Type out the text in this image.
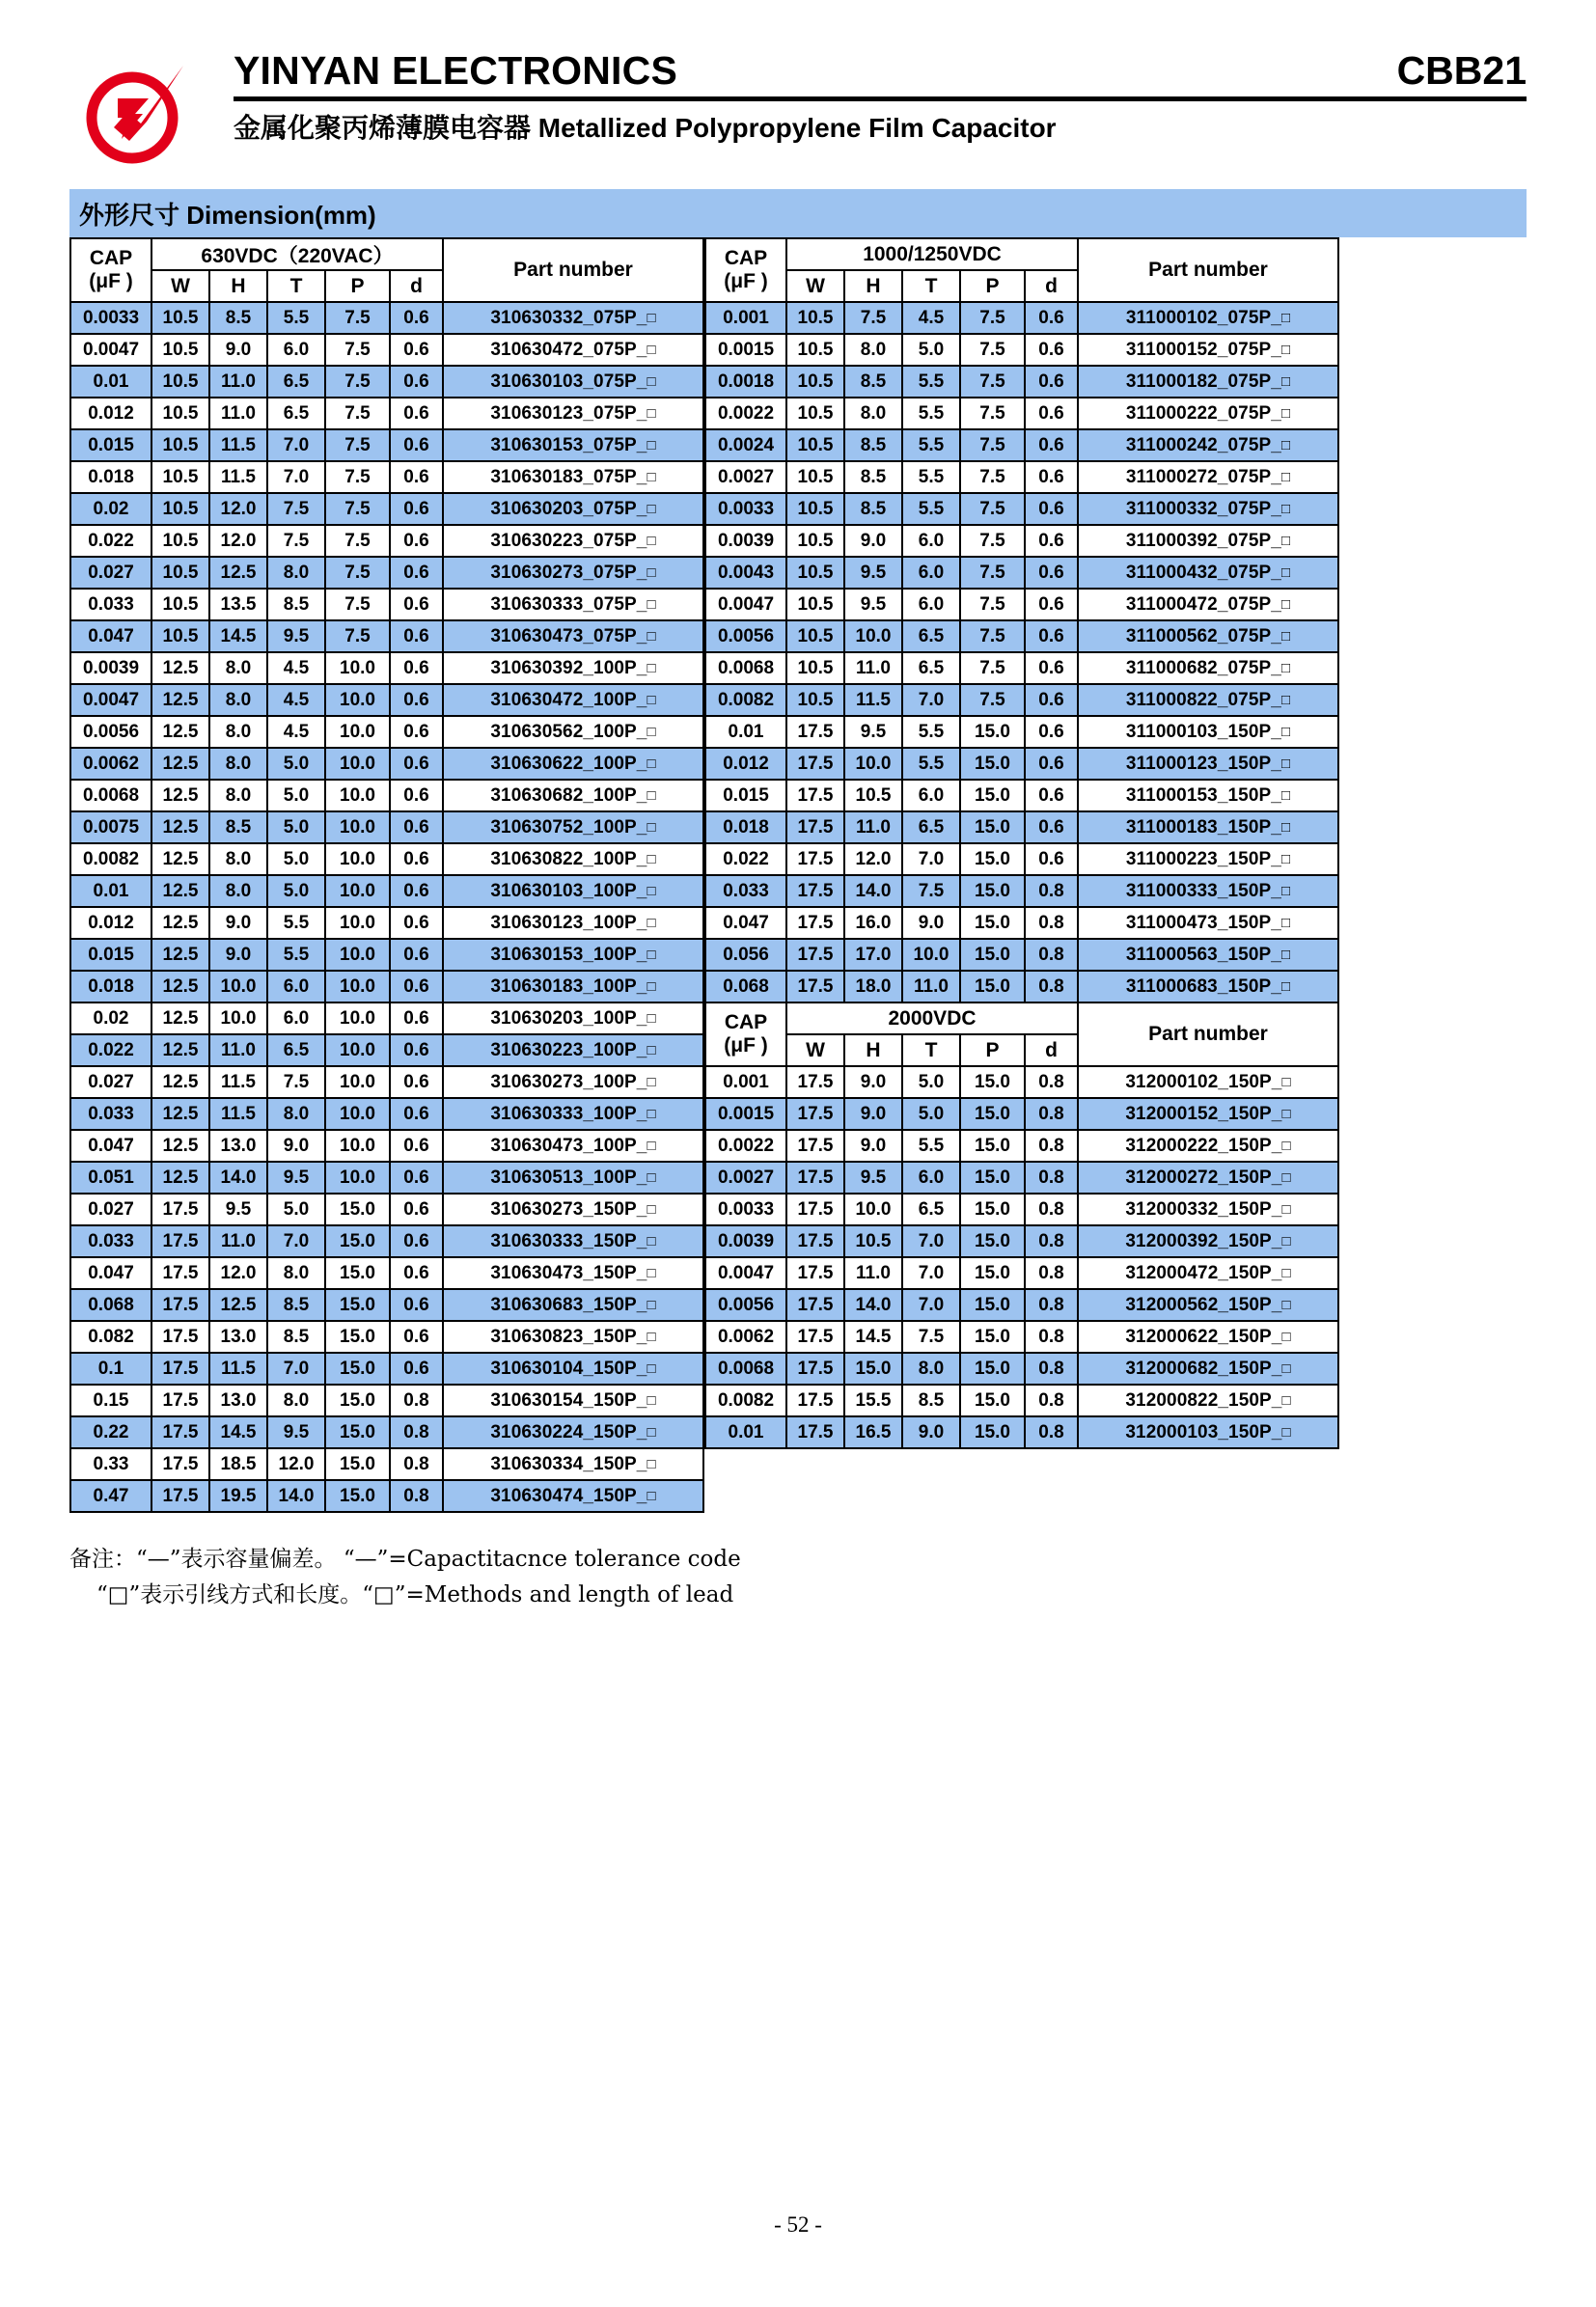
YINYAN ELECTRONICS	CBB21
金属化聚丙烯薄膜电容器 Metallized Polypropylene Film Capacitor
外形尺寸 Dimension(mm)
CAP
(μF )	630VDC（220VAC）					Part number
	W	H	T	P	d	
0.0033	10.5	8.5	5.5	7.5	0.6	310630332_075P_□
0.0047	10.5	9.0	6.0	7.5	0.6	310630472_075P_□
0.01	10.5	11.0	6.5	7.5	0.6	310630103_075P_□
0.012	10.5	11.0	6.5	7.5	0.6	310630123_075P_□
0.015	10.5	11.5	7.0	7.5	0.6	310630153_075P_□
0.018	10.5	11.5	7.0	7.5	0.6	310630183_075P_□
0.02	10.5	12.0	7.5	7.5	0.6	310630203_075P_□
0.022	10.5	12.0	7.5	7.5	0.6	310630223_075P_□
0.027	10.5	12.5	8.0	7.5	0.6	310630273_075P_□
0.033	10.5	13.5	8.5	7.5	0.6	310630333_075P_□
0.047	10.5	14.5	9.5	7.5	0.6	310630473_075P_□
0.0039	12.5	8.0	4.5	10.0	0.6	310630392_100P_□
0.0047	12.5	8.0	4.5	10.0	0.6	310630472_100P_□
0.0056	12.5	8.0	4.5	10.0	0.6	310630562_100P_□
0.0062	12.5	8.0	5.0	10.0	0.6	310630622_100P_□
0.0068	12.5	8.0	5.0	10.0	0.6	310630682_100P_□
0.0075	12.5	8.5	5.0	10.0	0.6	310630752_100P_□
0.0082	12.5	8.0	5.0	10.0	0.6	310630822_100P_□
0.01	12.5	8.0	5.0	10.0	0.6	310630103_100P_□
0.012	12.5	9.0	5.5	10.0	0.6	310630123_100P_□
0.015	12.5	9.0	5.5	10.0	0.6	310630153_100P_□
0.018	12.5	10.0	6.0	10.0	0.6	310630183_100P_□
0.02	12.5	10.0	6.0	10.0	0.6	310630203_100P_□
0.022	12.5	11.0	6.5	10.0	0.6	310630223_100P_□
0.027	12.5	11.5	7.5	10.0	0.6	310630273_100P_□
0.033	12.5	11.5	8.0	10.0	0.6	310630333_100P_□
0.047	12.5	13.0	9.0	10.0	0.6	310630473_100P_□
0.051	12.5	14.0	9.5	10.0	0.6	310630513_100P_□
0.027	17.5	9.5	5.0	15.0	0.6	310630273_150P_□
0.033	17.5	11.0	7.0	15.0	0.6	310630333_150P_□
0.047	17.5	12.0	8.0	15.0	0.6	310630473_150P_□
0.068	17.5	12.5	8.5	15.0	0.6	310630683_150P_□
0.082	17.5	13.0	8.5	15.0	0.6	310630823_150P_□
0.1	17.5	11.5	7.0	15.0	0.6	310630104_150P_□
0.15	17.5	13.0	8.0	15.0	0.8	310630154_150P_□
0.22	17.5	14.5	9.5	15.0	0.8	310630224_150P_□
0.33	17.5	18.5	12.0	15.0	0.8	310630334_150P_□
0.47	17.5	19.5	14.0	15.0	0.8	310630474_150P_□
CAP
(μF )	1000/1250VDC					Part number
	W	H	T	P	d	
0.001	10.5	7.5	4.5	7.5	0.6	311000102_075P_□
0.0015	10.5	8.0	5.0	7.5	0.6	311000152_075P_□
0.0018	10.5	8.5	5.5	7.5	0.6	311000182_075P_□
0.0022	10.5	8.0	5.5	7.5	0.6	311000222_075P_□
0.0024	10.5	8.5	5.5	7.5	0.6	311000242_075P_□
0.0027	10.5	8.5	5.5	7.5	0.6	311000272_075P_□
0.0033	10.5	8.5	5.5	7.5	0.6	311000332_075P_□
0.0039	10.5	9.0	6.0	7.5	0.6	311000392_075P_□
0.0043	10.5	9.5	6.0	7.5	0.6	311000432_075P_□
0.0047	10.5	9.5	6.0	7.5	0.6	311000472_075P_□
0.0056	10.5	10.0	6.5	7.5	0.6	311000562_075P_□
0.0068	10.5	11.0	6.5	7.5	0.6	311000682_075P_□
0.0082	10.5	11.5	7.0	7.5	0.6	311000822_075P_□
0.01	17.5	9.5	5.5	15.0	0.6	311000103_150P_□
0.012	17.5	10.0	5.5	15.0	0.6	311000123_150P_□
0.015	17.5	10.5	6.0	15.0	0.6	311000153_150P_□
0.018	17.5	11.0	6.5	15.0	0.6	311000183_150P_□
0.022	17.5	12.0	7.0	15.0	0.6	311000223_150P_□
0.033	17.5	14.0	7.5	15.0	0.8	311000333_150P_□
0.047	17.5	16.0	9.0	15.0	0.8	311000473_150P_□
0.056	17.5	17.0	10.0	15.0	0.8	311000563_150P_□
0.068	17.5	18.0	11.0	15.0	0.8	311000683_150P_□

CAP
(μF )	2000VDC					Part number
	W	H	T	P	d	
0.001	17.5	9.0	5.0	15.0	0.8	312000102_150P_□
0.0015	17.5	9.0	5.0	15.0	0.8	312000152_150P_□
0.0022	17.5	9.0	5.5	15.0	0.8	312000222_150P_□
0.0027	17.5	9.5	6.0	15.0	0.8	312000272_150P_□
0.0033	17.5	10.0	6.5	15.0	0.8	312000332_150P_□
0.0039	17.5	10.5	7.0	15.0	0.8	312000392_150P_□
0.0047	17.5	11.0	7.0	15.0	0.8	312000472_150P_□
0.0056	17.5	14.0	7.0	15.0	0.8	312000562_150P_□
0.0062	17.5	14.5	7.5	15.0	0.8	312000622_150P_□
0.0068	17.5	15.0	8.0	15.0	0.8	312000682_150P_□
0.0082	17.5	15.5	8.5	15.0	0.8	312000822_150P_□
0.01	17.5	16.5	9.0	15.0	0.8	312000103_150P_□
备注：“—”表示容量偏差。 “—”=Capactitacnce tolerance code
“□”表示引线方式和长度。“□”=Methods and length of lead
- 52 -
